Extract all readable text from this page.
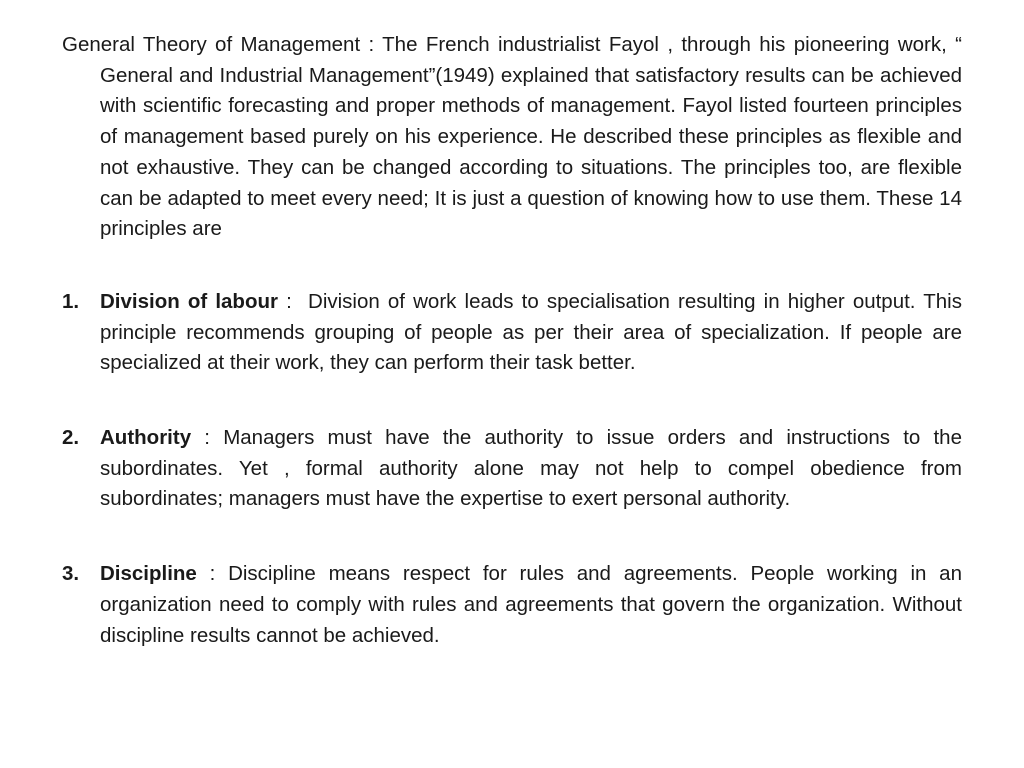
General Theory of Management : The French industrialist Fayol , through his pioneering work, “ General and Industrial Management”(1949) explained that satisfactory results can be achieved with scientific forecasting and proper methods of management. Fayol listed fourteen principles of management based purely on his experience. He described these principles as flexible and not exhaustive. They can be changed according to situations. The principles too, are flexible can be adapted to meet every need; It is just a question of knowing how to use them. These 14 principles are

1. Division of labour :  Division of work leads to specialisation resulting in higher output. This principle recommends grouping of people as per their area of specialization. If people are specialized at their work, they can perform their task better.
2. Authority : Managers must have the authority to issue orders and instructions to the subordinates. Yet , formal authority alone may not help to compel obedience from subordinates; managers must have the expertise to exert personal authority.
3. Discipline : Discipline means respect for rules and agreements. People working in an organization need to comply with rules and agreements that govern the organization. Without discipline results cannot be achieved.
